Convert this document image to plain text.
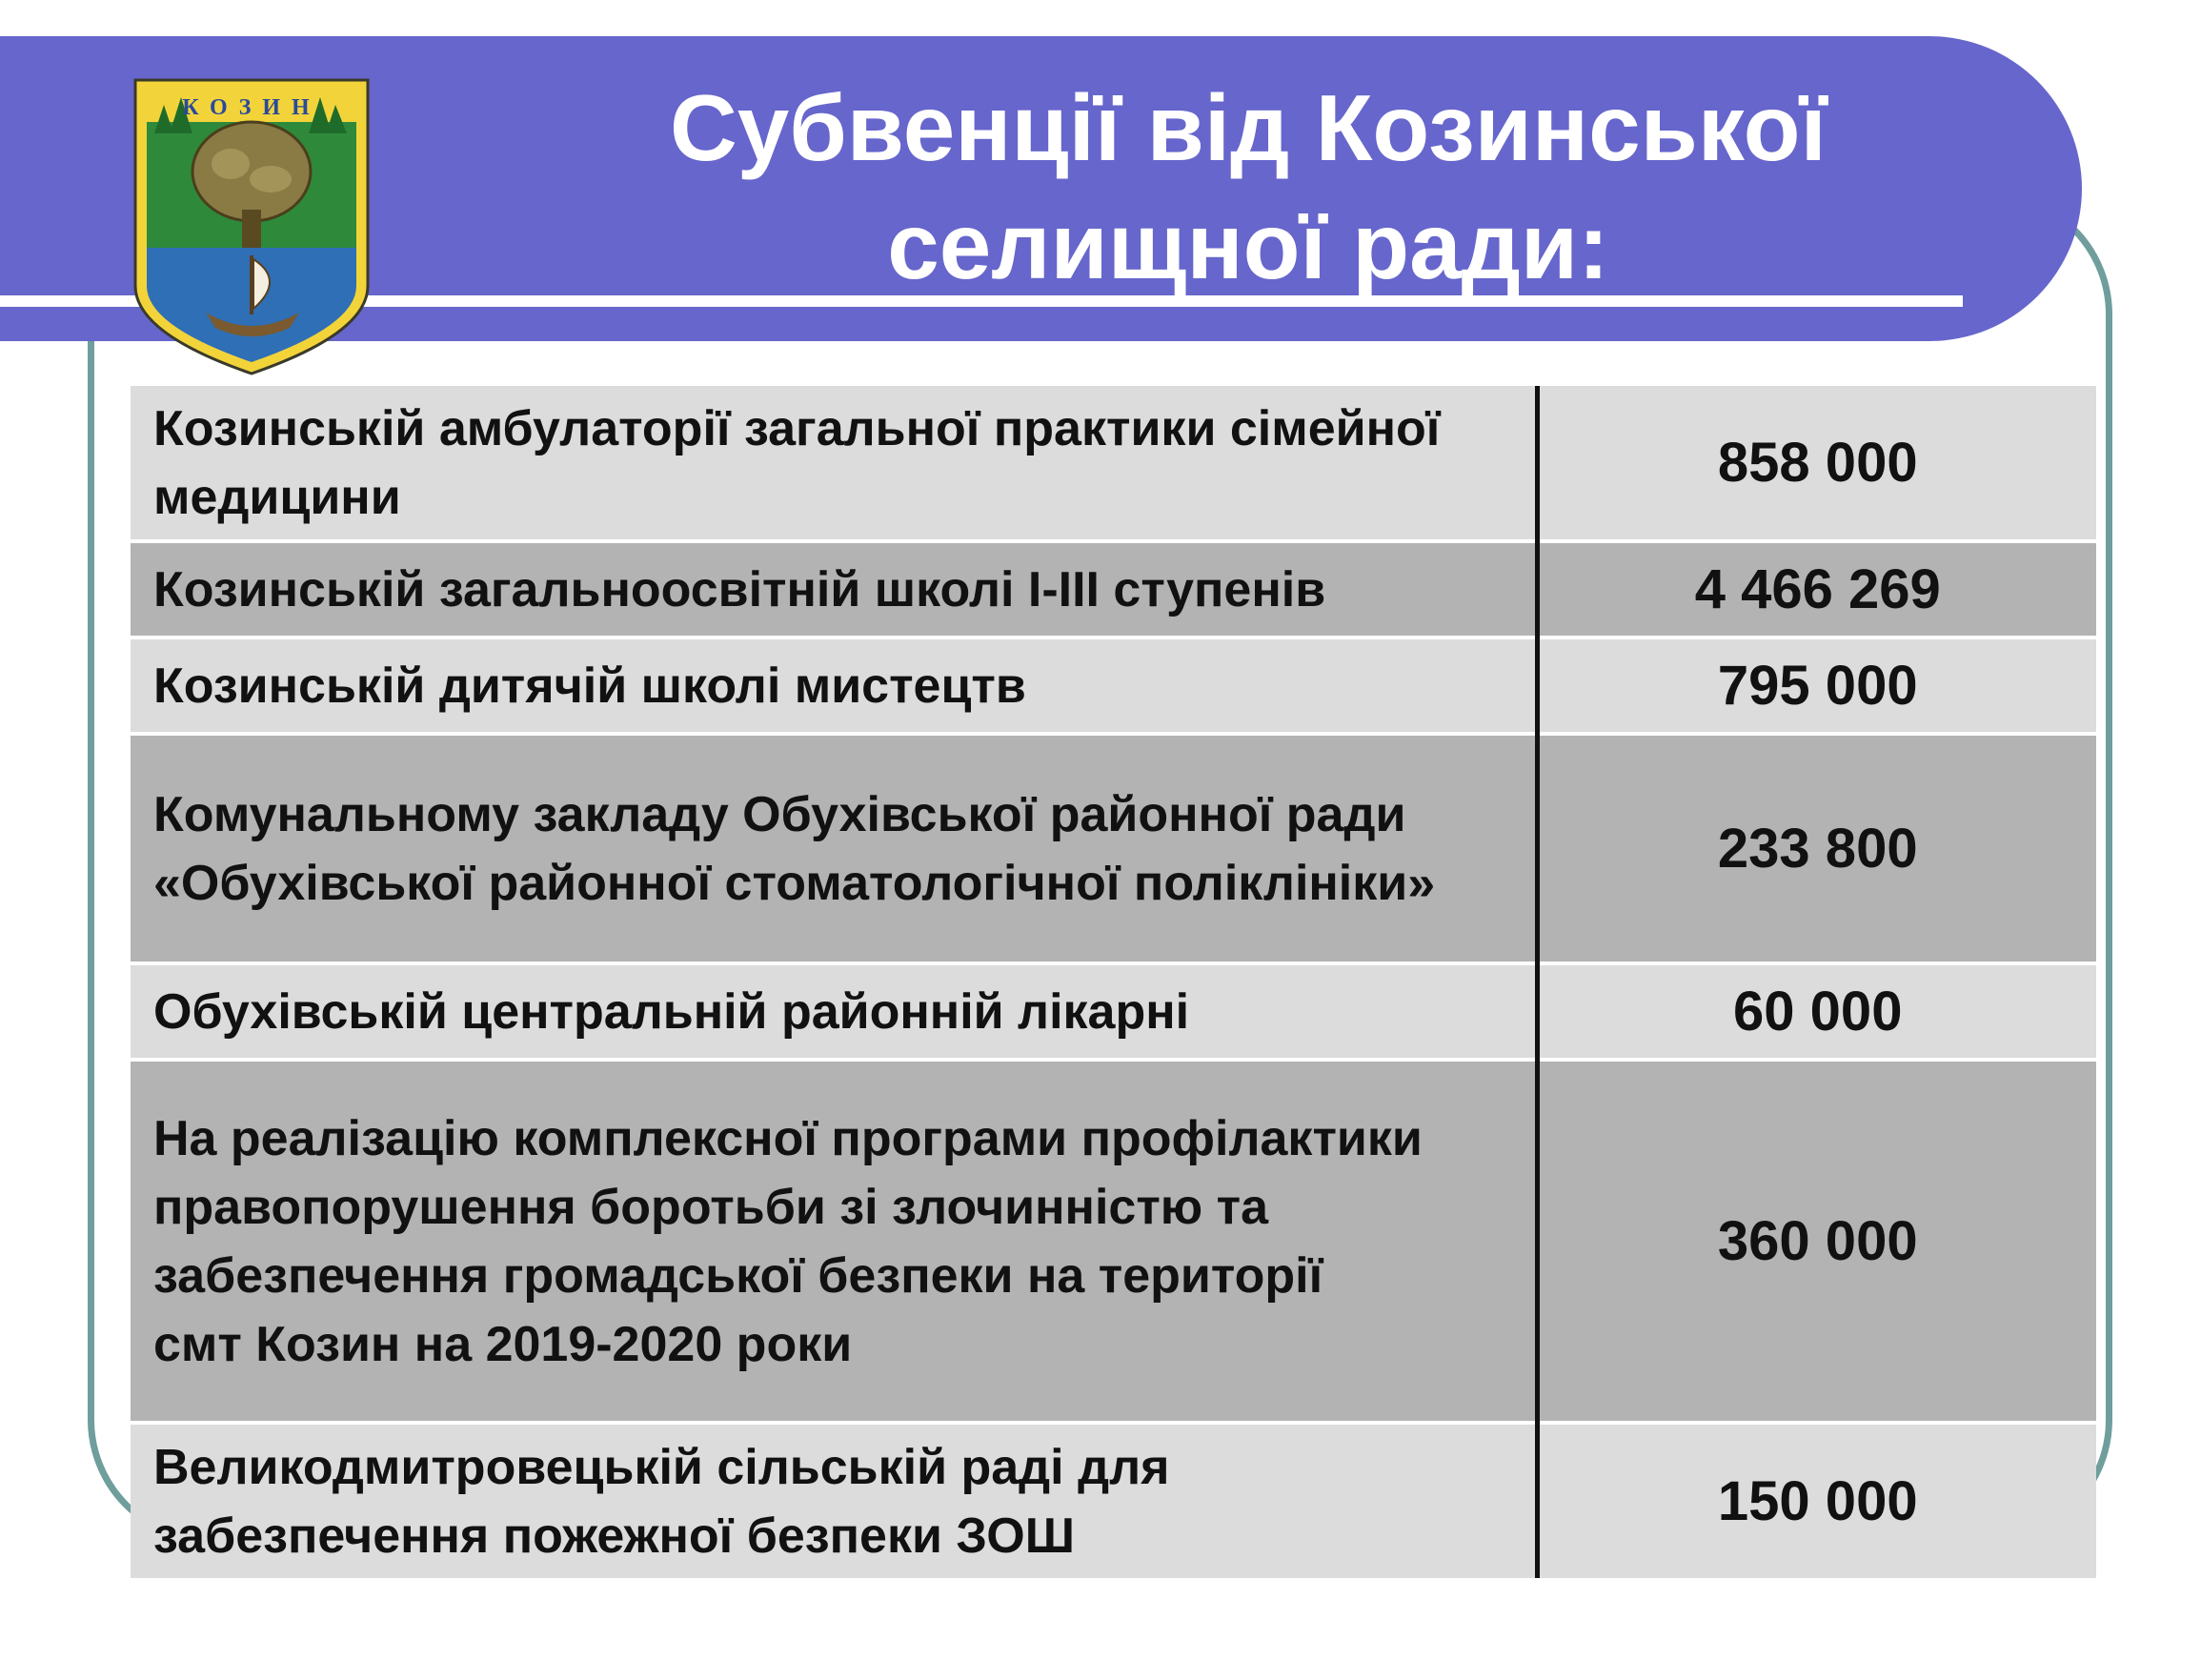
Субвенції від Козинської
селищної ради:
КОЗИН
Козинській амбулаторії загальної практики сімейної медицини	858 000
Козинській загальноосвітній школі І-ІІІ ступенів	4 466 269
Козинській дитячій школі мистецтв	795 000
Комунальному закладу Обухівської районної ради «Обухівської районної стоматологічної поліклініки»	233 800
Обухівській центральній районній лікарні	60 000
На реалізацію комплексної програми профілактики правопорушення боротьби зі злочинністю та забезпечення громадської безпеки на території
смт Козин на 2019-2020 роки	360 000
Великодмитровецькій сільській раді для забезпечення пожежної безпеки ЗОШ	150 000
